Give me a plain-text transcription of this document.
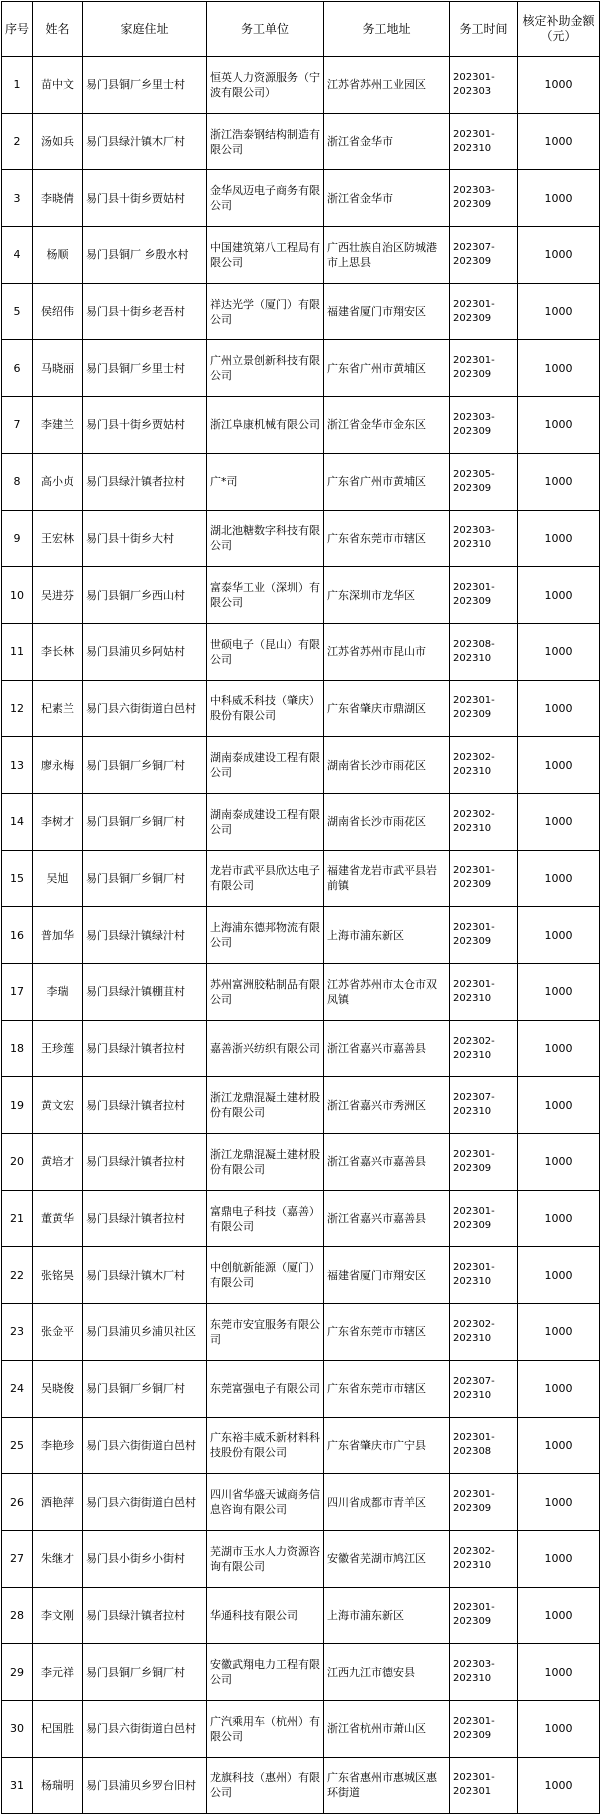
序号	姓名	家庭住址	务工单位	务工地址	务工时间	核定补助金额（元）
1	苗中文	易门县铜厂乡里士村	恒英人力资源服务（宁波有限公司）	江苏省苏州工业园区	202301-202303	1000
2	汤如兵	易门县绿汁镇木厂村	浙江浩泰钢结构制造有限公司	浙江省金华市	202301-202310	1000
3	李晓倩	易门县十街乡贾姑村	金华凤迈电子商务有限公司	浙江省金华市	202303-202309	1000
4	杨顺	易门县铜厂 乡殷水村	中国建筑第八工程局有 限公司	广西壮族自治区防城港市上思县	202307-202309	1000
5	侯绍伟	易门县十街乡老吾村	祥达光学（厦门）有限公司	福建省厦门市翔安区	202301-202309	1000
6	马晓丽	易门县铜厂乡里士村	广州立景创新科技有限公司	广东省广州市黄埔区	202301-202309	1000
7	李建兰	易门县十街乡贾姑村	浙江阜康机械有限公司	浙江省金华市金东区	202303-202309	1000
8	高小贞	易门县绿汁镇者拉村	广*司	广东省广州市黄埔区	202305-202309	1000
9	王宏林	易门县十街乡大村	湖北池糖数字科技有限公司	广东省东莞市市辖区	202303-202310	1000
10	吴进芬	易门县铜厂乡西山村	富泰华工业（深圳）有限公司	广东深圳市龙华区	202301-202309	1000
11	李长林	易门县浦贝乡阿姑村	世硕电子（昆山）有限公司	江苏省苏州市昆山市	202308-202310	1000
12	杞素兰	易门县六街街道白邑村	中科威禾科技（肇庆）股份有限公司	广东省肇庆市鼎湖区	202301-202309	1000
13	廖永梅	易门县铜厂乡铜厂村	湖南泰成建设工程有限公司	湖南省长沙市雨花区	202302-202310	1000
14	李树才	易门县铜厂乡铜厂村	湖南泰成建设工程有限公司	湖南省长沙市雨花区	202302-202310	1000
15	吴旭	易门县铜厂乡铜厂村	龙岩市武平县欣达电子有限公司	福建省龙岩市武平县岩前镇	202301-202309	1000
16	普加华	易门县绿汁镇绿汁村	上海浦东德邦物流有限公司	上海市浦东新区	202301-202309	1000
17	李瑞	易门县绿汁镇棚苴村	苏州富洲胶粘制品有限公司	江苏省苏州市太仓市双凤镇	202301-202310	1000
18	王珍莲	易门县绿汁镇者拉村	嘉善浙兴纺织有限公司	浙江省嘉兴市嘉善县	202302-202310	1000
19	黄文宏	易门县绿汁镇者拉村	浙江龙鼎混凝土建材股份有限公司	浙江省嘉兴市秀洲区	202307-202310	1000
20	黄培才	易门县绿汁镇者拉村	浙江龙鼎混凝土建材股份有限公司	浙江省嘉兴市嘉善县	202301-202309	1000
21	董黄华	易门县绿汁镇者拉村	富鼎电子科技（嘉善）有限公司	浙江省嘉兴市嘉善县	202301-202309	1000
22	张铭昊	易门县绿汁镇木厂村	中创航新能源（厦门）有限公司	福建省厦门市翔安区	202301-202310	1000
23	张金平	易门县浦贝乡浦贝社区	东莞市安宜服务有限公司	广东省东莞市市辖区	202302-202310	1000
24	吴晓俊	易门县铜厂乡铜厂村	东莞富强电子有限公司	广东省东莞市市辖区	202307-202310	1000
25	李艳珍	易门县六街街道白邑村	广东裕丰威禾新材料科技股份有限公司	广东省肇庆市广宁县	202301-202308	1000
26	酒艳萍	易门县六街街道白邑村	四川省华盛天诚商务信息咨询有限公司	四川省成都市青羊区	202301-202309	1000
27	朱继才	易门县小街乡小街村	芜湖市玉水人力资源咨询有限公司	安徽省芜湖市鸠江区	202302-202310	1000
28	李文刚	易门县绿汁镇者拉村	华通科技有限公司	上海市浦东新区	202301-202309	1000
29	李元祥	易门县铜厂乡铜厂村	安徽武翔电力工程有限公司	江西九江市德安县	202303-202310	1000
30	杞国胜	易门县六街街道白邑村	广汽乘用车（杭州）有限公司	浙江省杭州市萧山区	202301-202309	1000
31	杨瑞明	易门县浦贝乡罗台旧村	龙旗科技（惠州）有限公司	广东省惠州市惠城区惠环街道	202301-202301	1000
